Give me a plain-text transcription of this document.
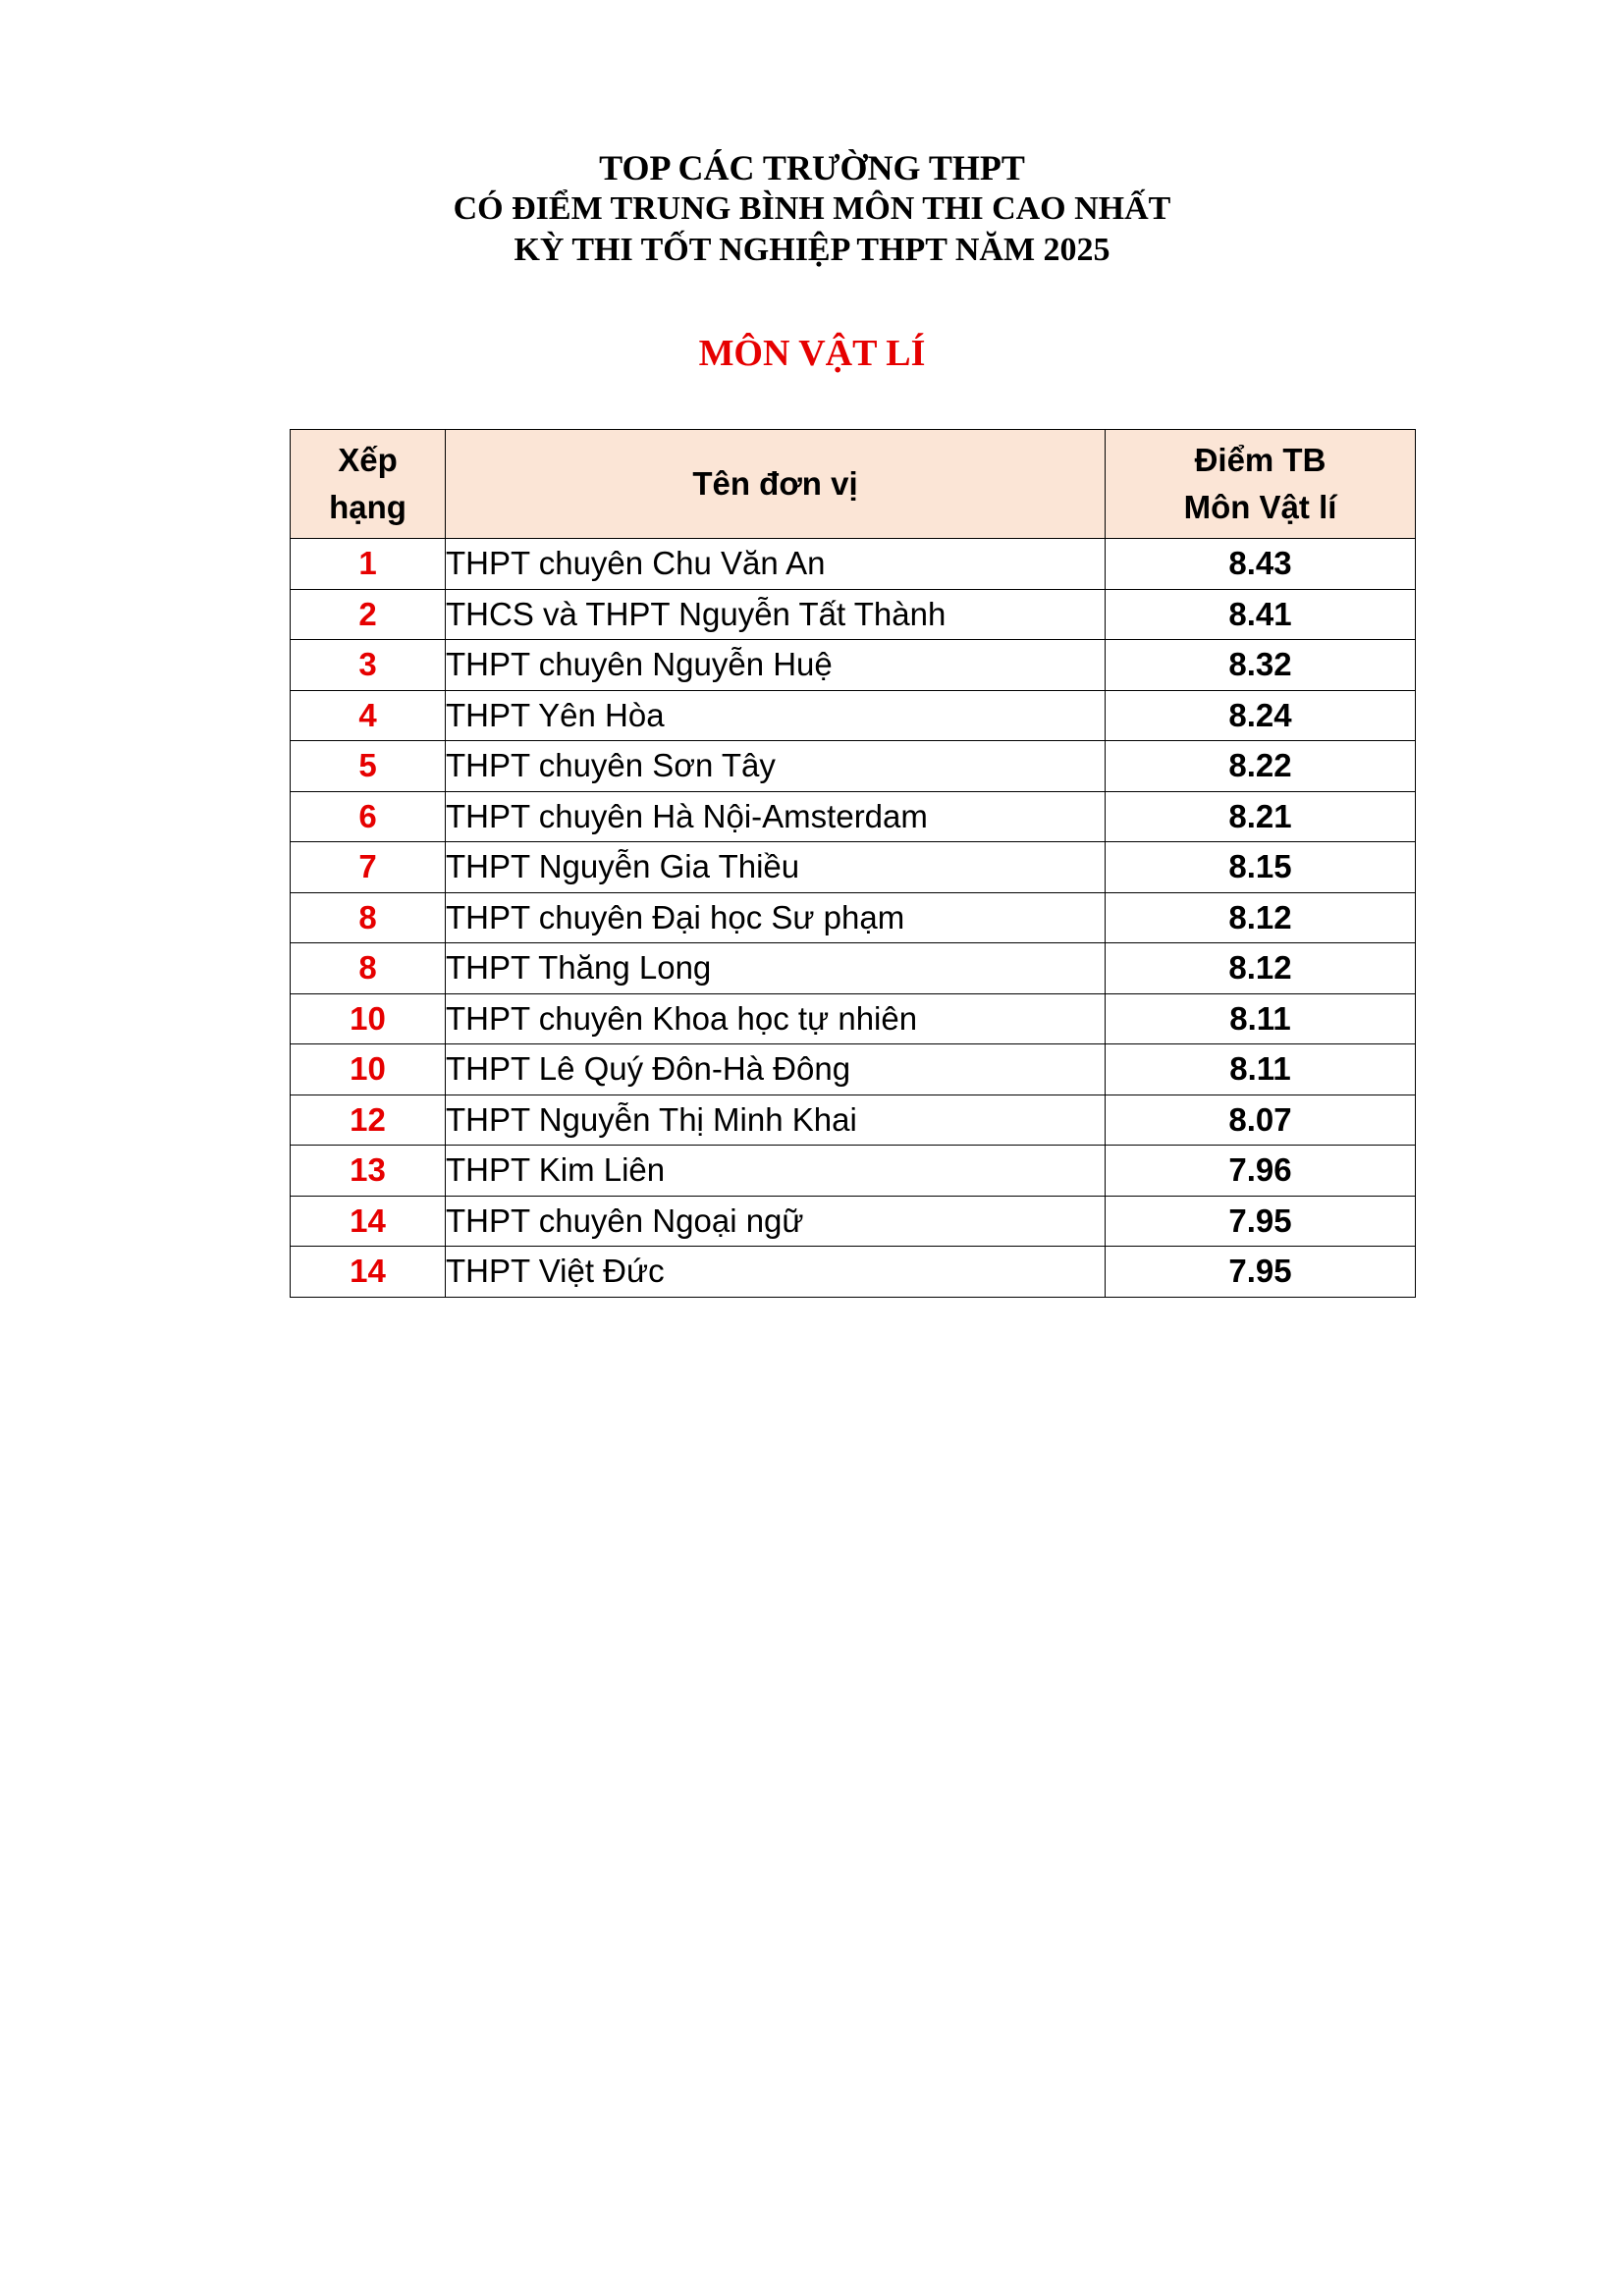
TOP CÁC TRƯỜNG THPT

CÓ ĐIỂM TRUNG BÌNH MÔN THI CAO NHẤT

KỲ THI TỐT NGHIỆP THPT NĂM 2025

MÔN VẬT LÍ
Xếp
hạng	Tên đơn vị	Điểm TB
Môn Vật lí

1	THPT chuyên Chu Văn An	8.43
2	THCS và THPT Nguyễn Tất Thành	8.41
3	THPT chuyên Nguyễn Huệ	8.32
4	THPT Yên Hòa	8.24
5	THPT chuyên Sơn Tây	8.22
6	THPT chuyên Hà Nội-Amsterdam	8.21
7	THPT Nguyễn Gia Thiều	8.15
8	THPT chuyên Đại học Sư phạm	8.12
8	THPT Thăng Long	8.12
10	THPT chuyên Khoa học tự nhiên	8.11
10	THPT Lê Quý Đôn-Hà Đông	8.11
12	THPT Nguyễn Thị Minh Khai	8.07
13	THPT Kim Liên	7.96
14	THPT chuyên Ngoại ngữ	7.95
14	THPT Việt Đức	7.95
